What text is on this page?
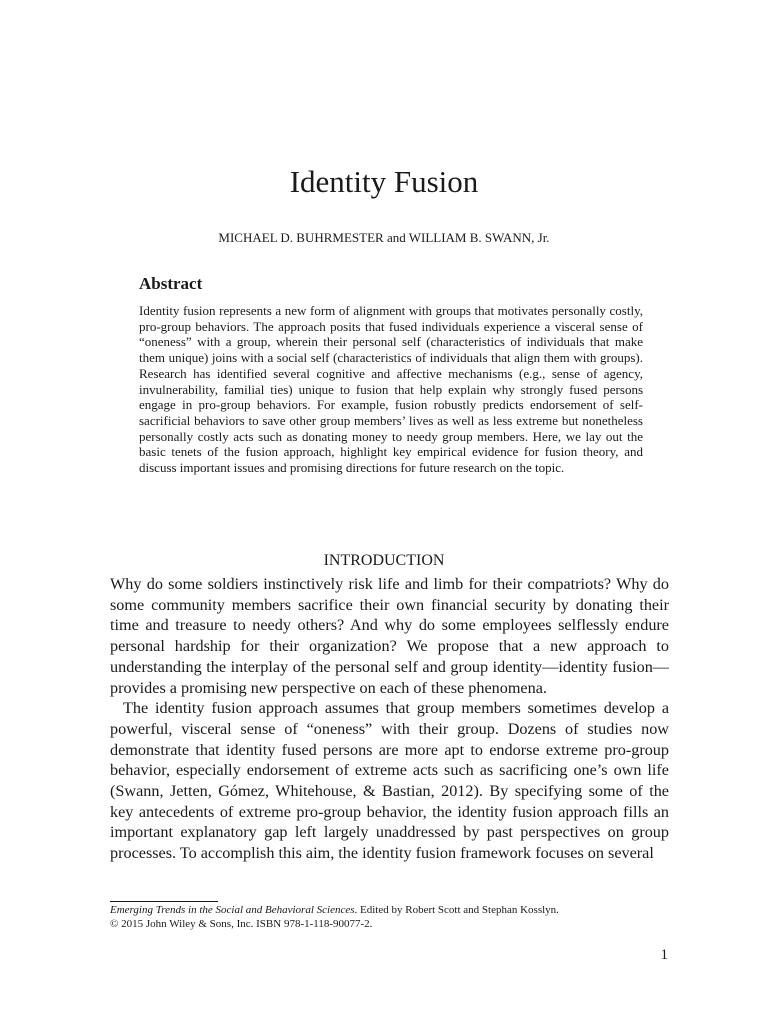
Identity Fusion
MICHAEL D. BUHRMESTER and WILLIAM B. SWANN, Jr.
Abstract

Identity fusion represents a new form of alignment with groups that motivates personally costly, pro-group behaviors. The approach posits that fused individuals experience a visceral sense of “oneness” with a group, wherein their personal self (characteristics of individuals that make them unique) joins with a social self (characteristics of individuals that align them with groups). Research has identified several cognitive and affective mechanisms (e.g., sense of agency, invulnerability, familial ties) unique to fusion that help explain why strongly fused persons engage in pro-group behaviors. For example, fusion robustly predicts endorsement of self-sacrificial behaviors to save other group members’ lives as well as less extreme but nonetheless personally costly acts such as donating money to needy group members. Here, we lay out the basic tenets of the fusion approach, highlight key empirical evidence for fusion theory, and discuss important issues and promising directions for future research on the topic.

INTRODUCTION

Why do some soldiers instinctively risk life and limb for their compatriots? Why do some community members sacrifice their own financial security by donating their time and treasure to needy others? And why do some employees selflessly endure personal hardship for their organization? We propose that a new approach to understanding the interplay of the personal self and group identity—identity fusion—provides a promising new perspective on each of these phenomena.

The identity fusion approach assumes that group members sometimes develop a powerful, visceral sense of “oneness” with their group. Dozens of studies now demonstrate that identity fused persons are more apt to endorse extreme pro-group behavior, especially endorsement of extreme acts such as sacrificing one’s own life (Swann, Jetten, Gómez, Whitehouse, & Bastian, 2012). By specifying some of the key antecedents of extreme pro-group behavior, the identity fusion approach fills an important explanatory gap left largely unaddressed by past perspectives on group processes. To accomplish this aim, the identity fusion framework focuses on several

Emerging Trends in the Social and Behavioral Sciences. Edited by Robert Scott and Stephan Kosslyn.
© 2015 John Wiley & Sons, Inc. ISBN 978-1-118-90077-2.
1
